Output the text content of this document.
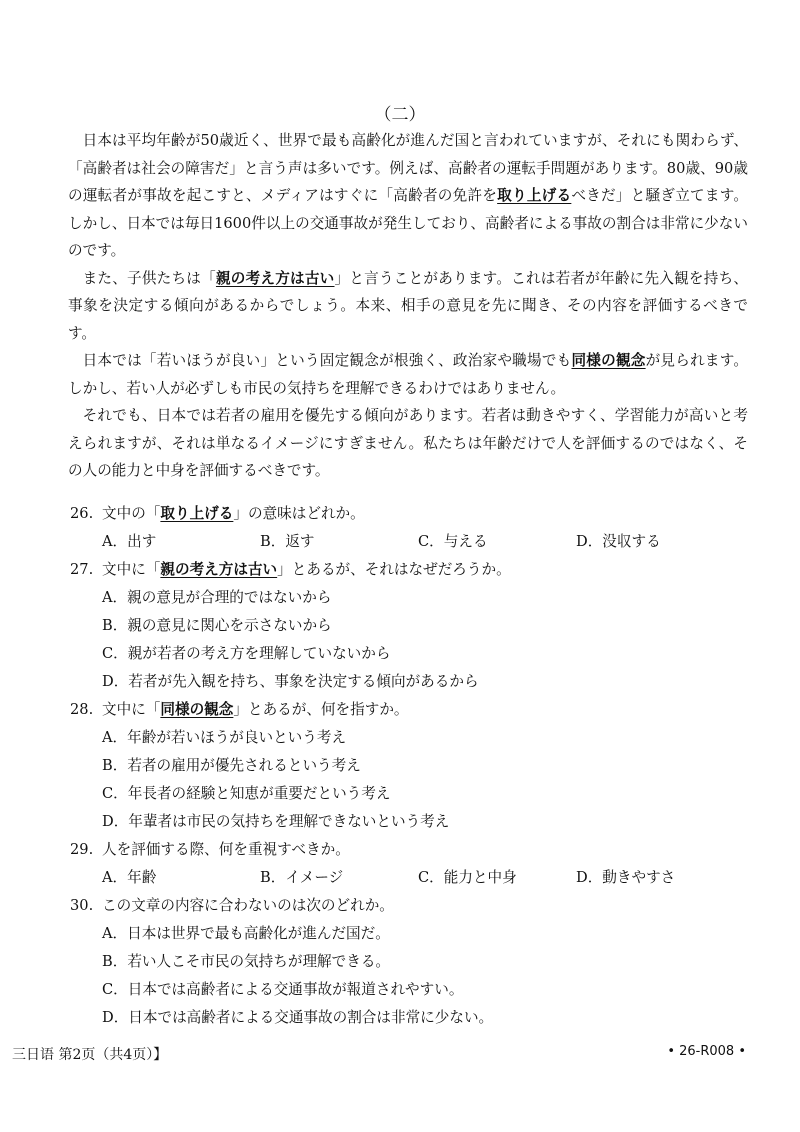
（二）

日本は平均年齢が50歳近く、世界で最も高齢化が進んだ国と言われていますが、それにも関わらず、「高齢者は社会の障害だ」と言う声は多いです。例えば、高齢者の運転手問題があります。80歳、90歳の運転者が事故を起こすと、メディアはすぐに「高齢者の免許を取り上げるべきだ」と騒ぎ立てます。しかし、日本では毎日1600件以上の交通事故が発生しており、高齢者による事故の割合は非常に少ないのです。

また、子供たちは「親の考え方は古い」と言うことがあります。これは若者が年齢に先入観を持ち、事象を決定する傾向があるからでしょう。本来、相手の意見を先に聞き、その内容を評価するべきです。

日本では「若いほうが良い」という固定観念が根強く、政治家や職場でも同様の観念が見られます。しかし、若い人が必ずしも市民の気持ちを理解できるわけではありません。

それでも、日本では若者の雇用を優先する傾向があります。若者は動きやすく、学習能力が高いと考えられますが、それは単なるイメージにすぎません。私たちは年齢だけで人を評価するのではなく、その人の能力と中身を評価するべきです。

26. 文中の「取り上げる」の意味はどれか。
A．出す	B．返す	C．与える	D．没収する
27. 文中に「親の考え方は古い」とあるが、それはなぜだろうか。
A．親の意見が合理的ではないから
B．親の意見に関心を示さないから
C．親が若者の考え方を理解していないから
D．若者が先入観を持ち、事象を決定する傾向があるから
28. 文中に「同様の観念」とあるが、何を指すか。
A．年齢が若いほうが良いという考え
B．若者の雇用が優先されるという考え
C．年長者の経験と知恵が重要だという考え
D．年輩者は市民の気持ちを理解できないという考え
29. 人を評価する際、何を重視すべきか。
A．年齢	B．イメージ	C．能力と中身	D．動きやすさ
30. この文章の内容に合わないのは次のどれか。
A．日本は世界で最も高齢化が進んだ国だ。
B．若い人こそ市民の気持ちが理解できる。
C．日本では高齢者による交通事故が報道されやすい。
D．日本では高齢者による交通事故の割合は非常に少ない。
三日语 第2页（共4页）】	• 26-R008 •
